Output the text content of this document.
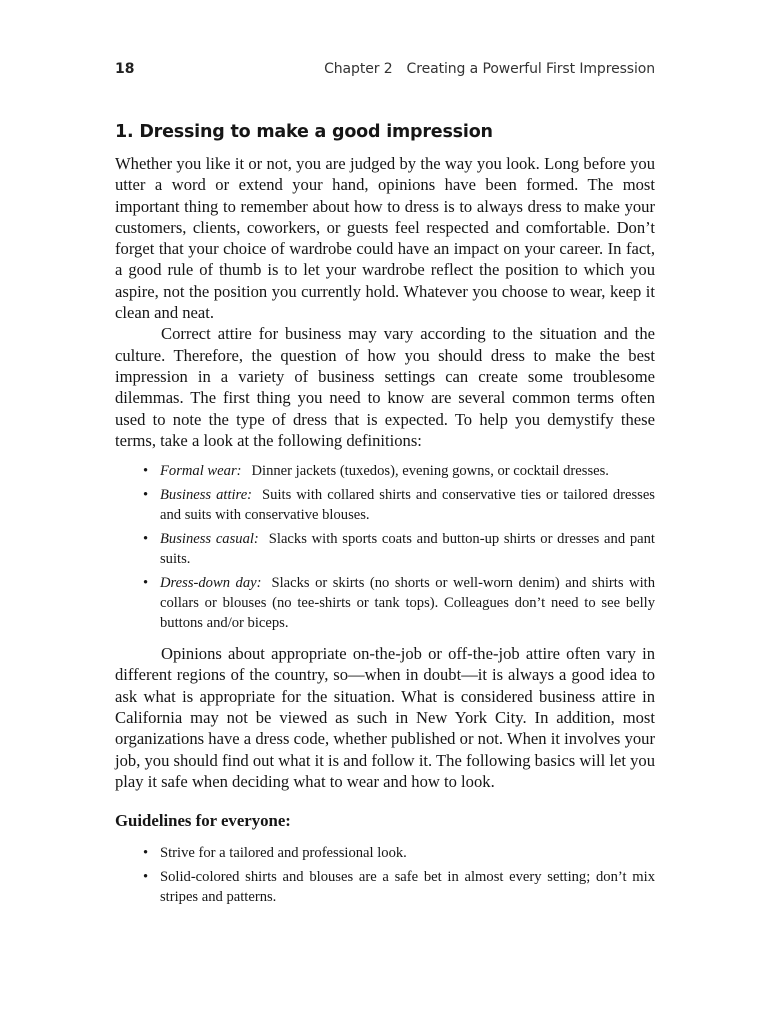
18	Chapter 2 Creating a Powerful First Impression
1. Dressing to make a good impression

Whether you like it or not, you are judged by the way you look. Long before you utter a word or extend your hand, opinions have been formed. The most important thing to remember about how to dress is to always dress to make your customers, clients, coworkers, or guests feel respected and comfortable. Don’t forget that your choice of wardrobe could have an impact on your career. In fact, a good rule of thumb is to let your wardrobe reflect the position to which you aspire, not the position you currently hold. Whatever you choose to wear, keep it clean and neat.

Correct attire for business may vary according to the situation and the culture. Therefore, the question of how you should dress to make the best impression in a variety of business settings can create some troublesome dilemmas. The first thing you need to know are several common terms often used to note the type of dress that is expected. To help you demystify these terms, take a look at the following definitions:

• Formal wear: Dinner jackets (tuxedos), evening gowns, or cocktail dresses.
• Business attire: Suits with collared shirts and conservative ties or tailored dresses and suits with conservative blouses.
• Business casual: Slacks with sports coats and button-up shirts or dresses and pant suits.
• Dress-down day: Slacks or skirts (no shorts or well-worn denim) and shirts with collars or blouses (no tee-shirts or tank tops). Colleagues don’t need to see belly buttons and/or biceps.

Opinions about appropriate on-the-job or off-the-job attire often vary in different regions of the country, so—when in doubt—it is always a good idea to ask what is appropriate for the situation. What is considered business attire in California may not be viewed as such in New York City. In addition, most organizations have a dress code, whether published or not. When it involves your job, you should find out what it is and follow it. The following basics will let you play it safe when deciding what to wear and how to look.

Guidelines for everyone:
• Strive for a tailored and professional look.
• Solid-colored shirts and blouses are a safe bet in almost every setting; don’t mix stripes and patterns.
